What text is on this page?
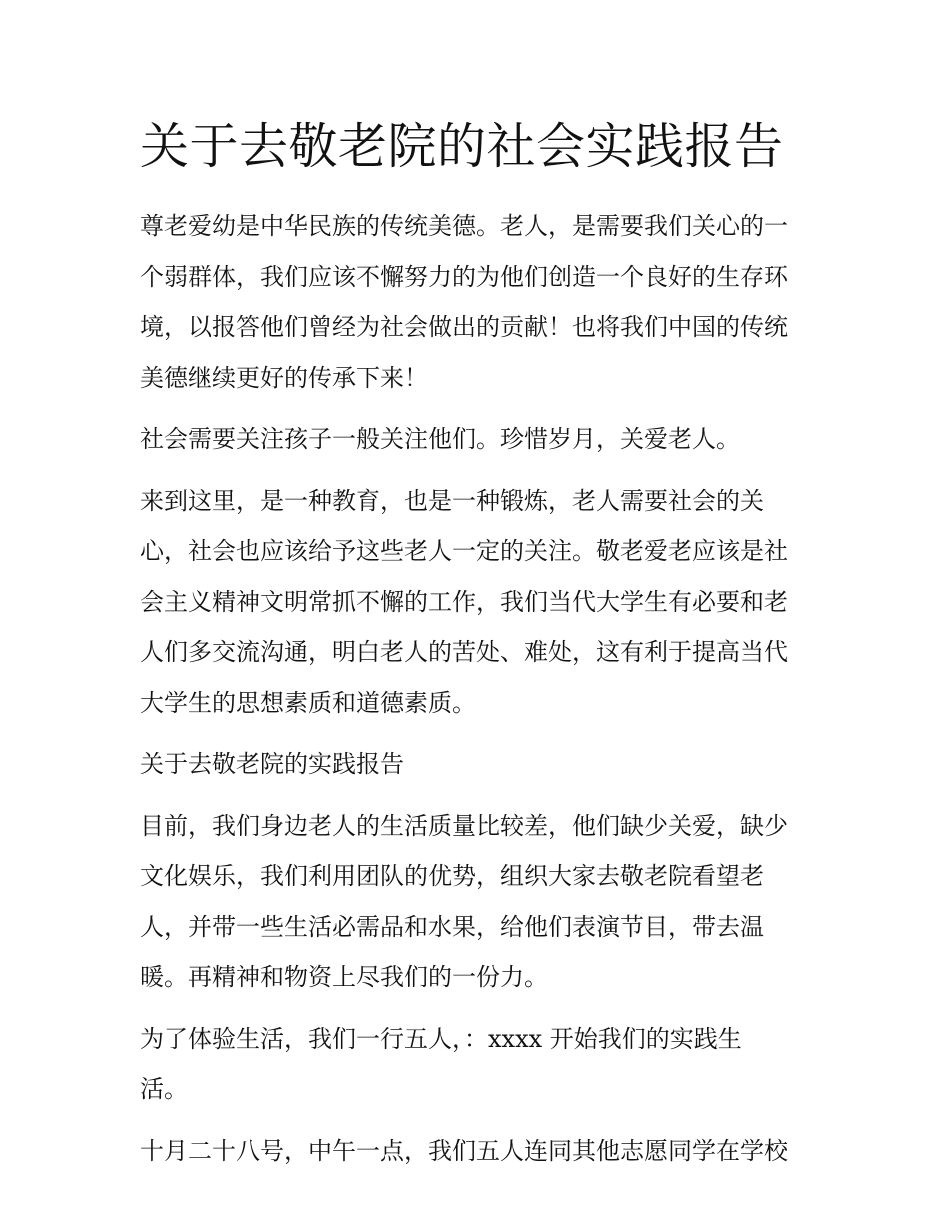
关于去敬老院的社会实践报告

尊老爱幼是中华民族的传统美德。老人，是需要我们关心的一
个弱群体，我们应该不懈努力的为他们创造一个良好的生存环
境，以报答他们曾经为社会做出的贡献！也将我们中国的传统
美德继续更好的传承下来！

社会需要关注孩子一般关注他们。珍惜岁月，关爱老人。

来到这里，是一种教育，也是一种锻炼，老人需要社会的关
心，社会也应该给予这些老人一定的关注。敬老爱老应该是社
会主义精神文明常抓不懈的工作，我们当代大学生有必要和老
人们多交流沟通，明白老人的苦处、难处，这有利于提高当代
大学生的思想素质和道德素质。

关于去敬老院的实践报告

目前，我们身边老人的生活质量比较差，他们缺少关爱，缺少
文化娱乐，我们利用团队的优势，组织大家去敬老院看望老
人，并带一些生活必需品和水果，给他们表演节目，带去温
暖。再精神和物资上尽我们的一份力。

为了体验生活，我们一行五人，：xxxx 开始我们的实践生
活。

十月二十八号，中午一点，我们五人连同其他志愿同学在学校
